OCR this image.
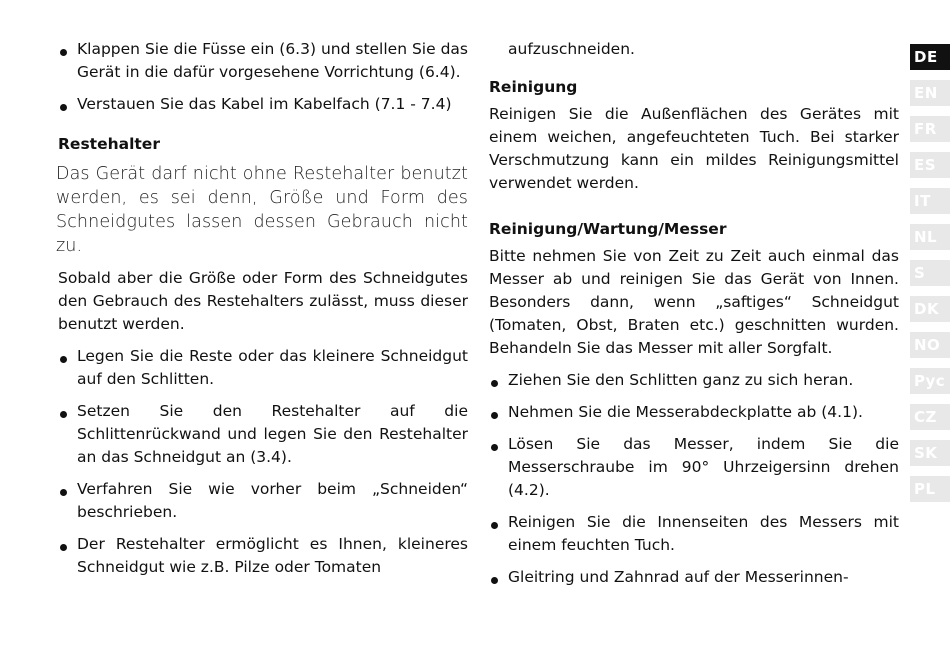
Klappen Sie die Füsse ein (6.3) und stellen Sie das Gerät in die dafür vorgesehene Vorrichtung (6.4).
Verstauen Sie das Kabel im Kabelfach (7.1 - 7.4)
Restehalter

Das Gerät darf nicht ohne Restehalter benutzt werden, es sei denn, Größe und Form des Schneidgutes lassen dessen Gebrauch nicht zu.

Sobald aber die Größe oder Form des Schneidgutes den Gebrauch des Restehalters zulässt, muss dieser benutzt werden.

Legen Sie die Reste oder das kleinere Schneidgut auf den Schlitten.
Setzen Sie den Restehalter auf die Schlittenrückwand und legen Sie den Restehalter an das Schneidgut an (3.4).
Verfahren Sie wie vorher beim „Schneiden“ beschrieben.
Der Restehalter ermöglicht es Ihnen, kleineres Schneidgut wie z.B. Pilze oder Tomaten

aufzuschneiden.

Reinigung

Reinigen Sie die Außenflächen des Gerätes mit einem weichen, angefeuchteten Tuch. Bei starker Verschmutzung kann ein mildes Reinigungsmittel verwendet werden.

Reinigung/Wartung/Messer

Bitte nehmen Sie von Zeit zu Zeit auch einmal das Messer ab und reinigen Sie das Gerät von Innen. Besonders dann, wenn „saftiges“ Schneidgut (Tomaten, Obst, Braten etc.) geschnitten wurden. Behandeln Sie das Messer mit aller Sorgfalt.

Ziehen Sie den Schlitten ganz zu sich heran.
Nehmen Sie die Messerabdeckplatte ab (4.1).
Lösen Sie das Messer, indem Sie die Messerschraube im 90° Uhrzeigersinn drehen (4.2).
Reinigen Sie die Innenseiten des Messers mit einem feuchten Tuch.
Gleitring und Zahnrad auf der Messerinnen-
DE
EN
FR
ES
IT
NL
S
DK
NO
Рус
CZ
SK
PL
